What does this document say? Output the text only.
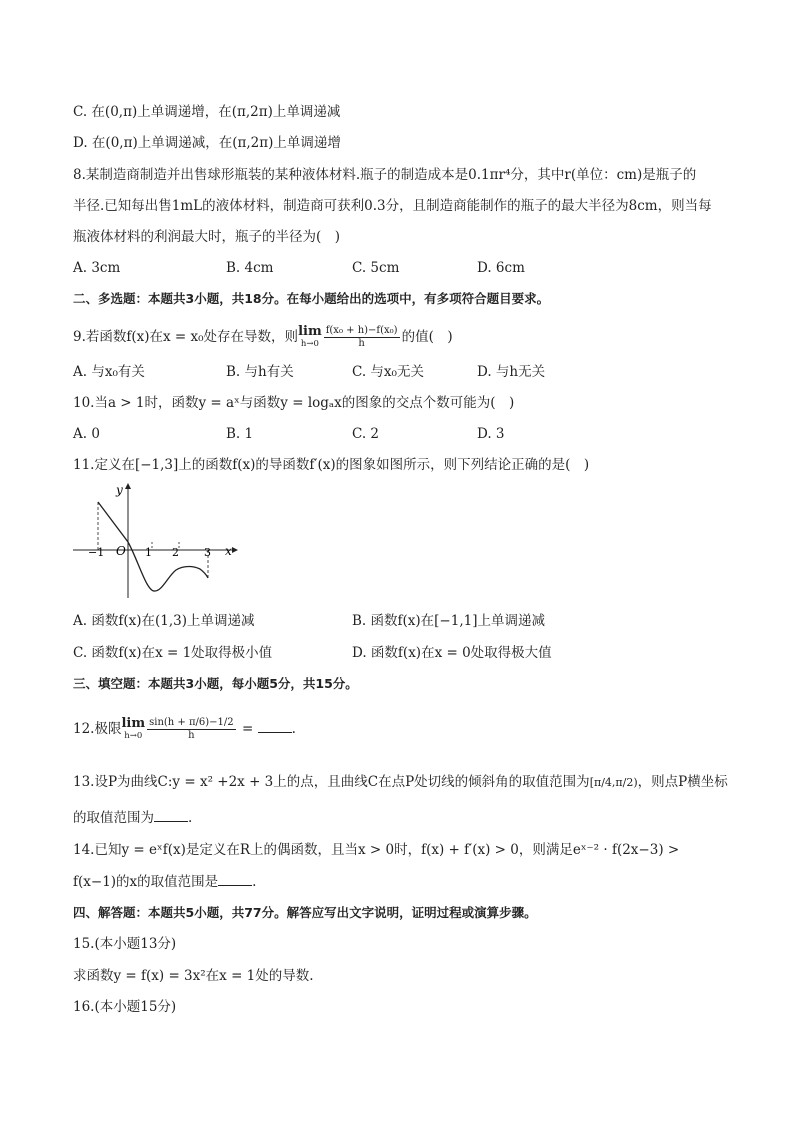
C. 在(0,π)上单调递增，在(π,2π)上单调递减
D. 在(0,π)上单调递减，在(π,2π)上单调递增
8.某制造商制造并出售球形瓶装的某种液体材料.瓶子的制造成本是0.1πr⁴分，其中r(单位：cm)是瓶子的
半径.已知每出售1mL的液体材料，制造商可获利0.3分，且制造商能制作的瓶子的最大半径为8cm，则当每
瓶液体材料的利润最大时，瓶子的半径为(　)
A. 3cm	B. 4cm	C. 5cm	D. 6cm
二、多选题：本题共3小题，共18分。在每小题给出的选项中，有多项符合题目要求。
9.若函数f(x)在x = x₀处存在导数，则 lim
$h\to 0 \frac{\text{f(x₀ + h)−f(x₀)}}{h}$ 的值(　)
A. 与x₀有关	B. 与h有关	C. 与x₀无关	D. 与h无关
10.当a > 1时，函数y = aˣ与函数y = logₐx的图象的交点个数可能为(　)
A. 0	B. 1	C. 2	D. 3
11.定义在[−1,3]上的函数f(x)的导函数f′(x)的图象如图所示，则下列结论正确的是(　)
y
x
O
−1	1 2 3
A. 函数f(x)在(1,3)上单调递减	B. 函数f(x)在[−1,1]上单调递减
C. 函数f(x)在x = 1处取得极小值	D. 函数f(x)在x = 0处取得极大值
三、填空题：本题共3小题，每小题5分，共15分。
12.极限 lim
$h\to 0 \frac{\sin(h + \pi/6)-1/2}{h}$ =	.
13.设P为曲线C:y = x² +2x + 3上的点，且曲线C在点P处切线的倾斜角的取值范围为[π/4,π/2)，则点P横坐标
的取值范围为	.
14.已知y = eˣf(x)是定义在R上的偶函数，且当x > 0时，f(x) + f′(x) > 0，则满足eˣ⁻² · f(2x−3) >
f(x−1)的x的取值范围是	.
四、解答题：本题共5小题，共77分。解答应写出文字说明，证明过程或演算步骤。
15.(本小题13分)
求函数y = f(x) = 3x²在x = 1处的导数.
16.(本小题15分)
